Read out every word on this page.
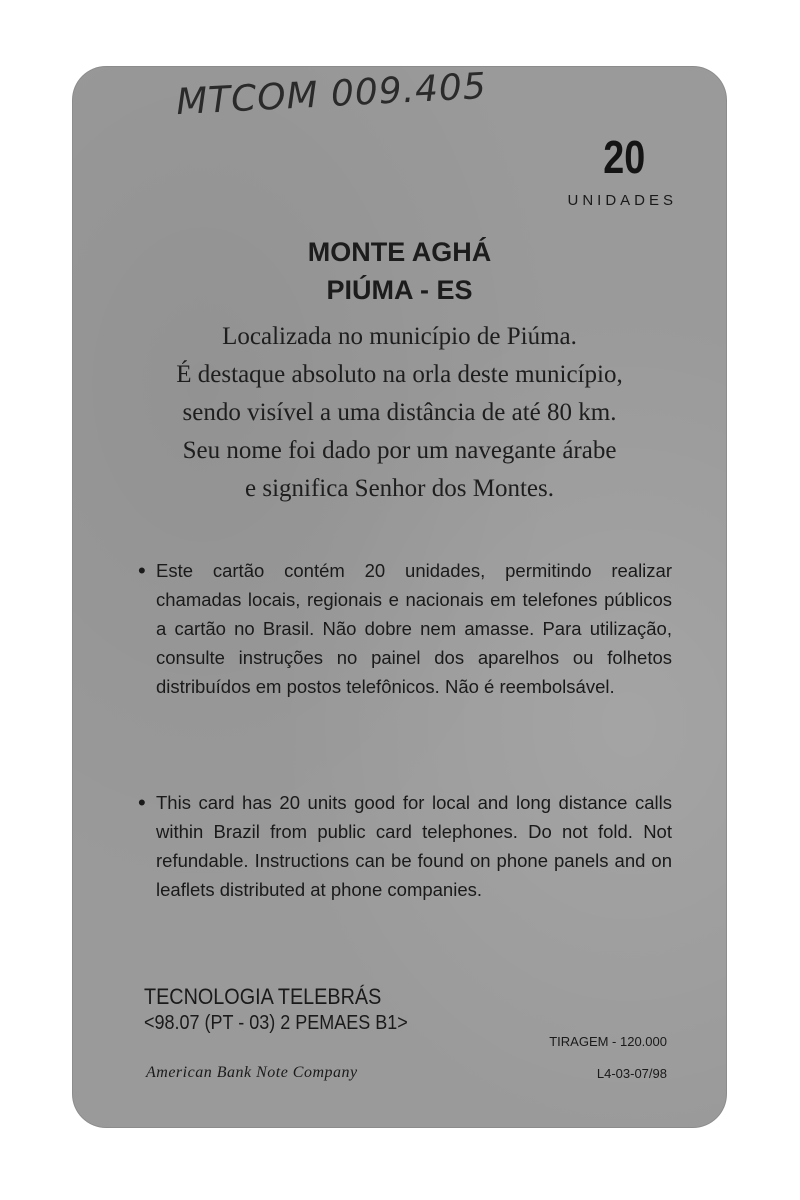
MTCOM 009.405
20
UNIDADES
MONTE AGHÁ
PIÚMA - ES
Localizada no município de Piúma.
É destaque absoluto na orla deste município,
sendo visível a uma distância de até 80 km.
Seu nome foi dado por um navegante árabe
e significa Senhor dos Montes.
• Este cartão contém 20 unidades, permitindo realizar chamadas locais, regionais e nacionais em telefones públicos a cartão no Brasil. Não dobre nem amasse. Para utilização, consulte instruções no painel dos aparelhos ou folhetos distribuídos em postos telefônicos. Não é reembolsável.
• This card has 20 units good for local and long distance calls within Brazil from public card telephones. Do not fold. Not refundable. Instructions can be found on phone panels and on leaflets distributed at phone companies.
TECNOLOGIA TELEBRÁS
<98.07 (PT - 03) 2 PEMAES B1>
TIRAGEM - 120.000
American Bank Note Company	L4-03-07/98
